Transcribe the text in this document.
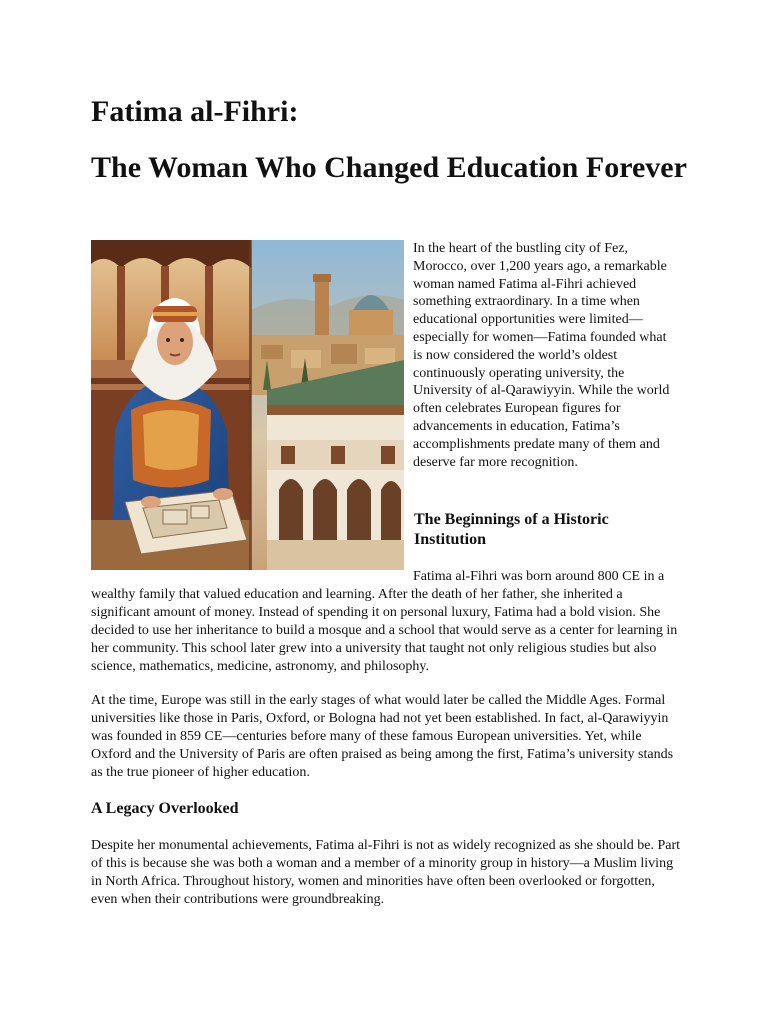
Fatima al-Fihri:
The Woman Who Changed Education Forever

In the heart of the bustling city of Fez, Morocco, over 1,200 years ago, a remarkable woman named Fatima al-Fihri achieved something extraordinary. In a time when educational opportunities were limited—especially for women—Fatima founded what is now considered the world’s oldest continuously operating university, the University of al-Qarawiyyin. While the world often celebrates European figures for advancements in education, Fatima’s accomplishments predate many of them and deserve far more recognition.

The Beginnings of a Historic Institution

Fatima al-Fihri was born around 800 CE in a wealthy family that valued education and learning. After the death of her father, she inherited a significant amount of money. Instead of spending it on personal luxury, Fatima had a bold vision. She decided to use her inheritance to build a mosque and a school that would serve as a center for learning in her community. This school later grew into a university that taught not only religious studies but also science, mathematics, medicine, astronomy, and philosophy.

At the time, Europe was still in the early stages of what would later be called the Middle Ages. Formal universities like those in Paris, Oxford, or Bologna had not yet been established. In fact, al-Qarawiyyin was founded in 859 CE—centuries before many of these famous European universities. Yet, while Oxford and the University of Paris are often praised as being among the first, Fatima’s university stands as the true pioneer of higher education.

A Legacy Overlooked

Despite her monumental achievements, Fatima al-Fihri is not as widely recognized as she should be. Part of this is because she was both a woman and a member of a minority group in history—a Muslim living in North Africa. Throughout history, women and minorities have often been overlooked or forgotten, even when their contributions were groundbreaking.
